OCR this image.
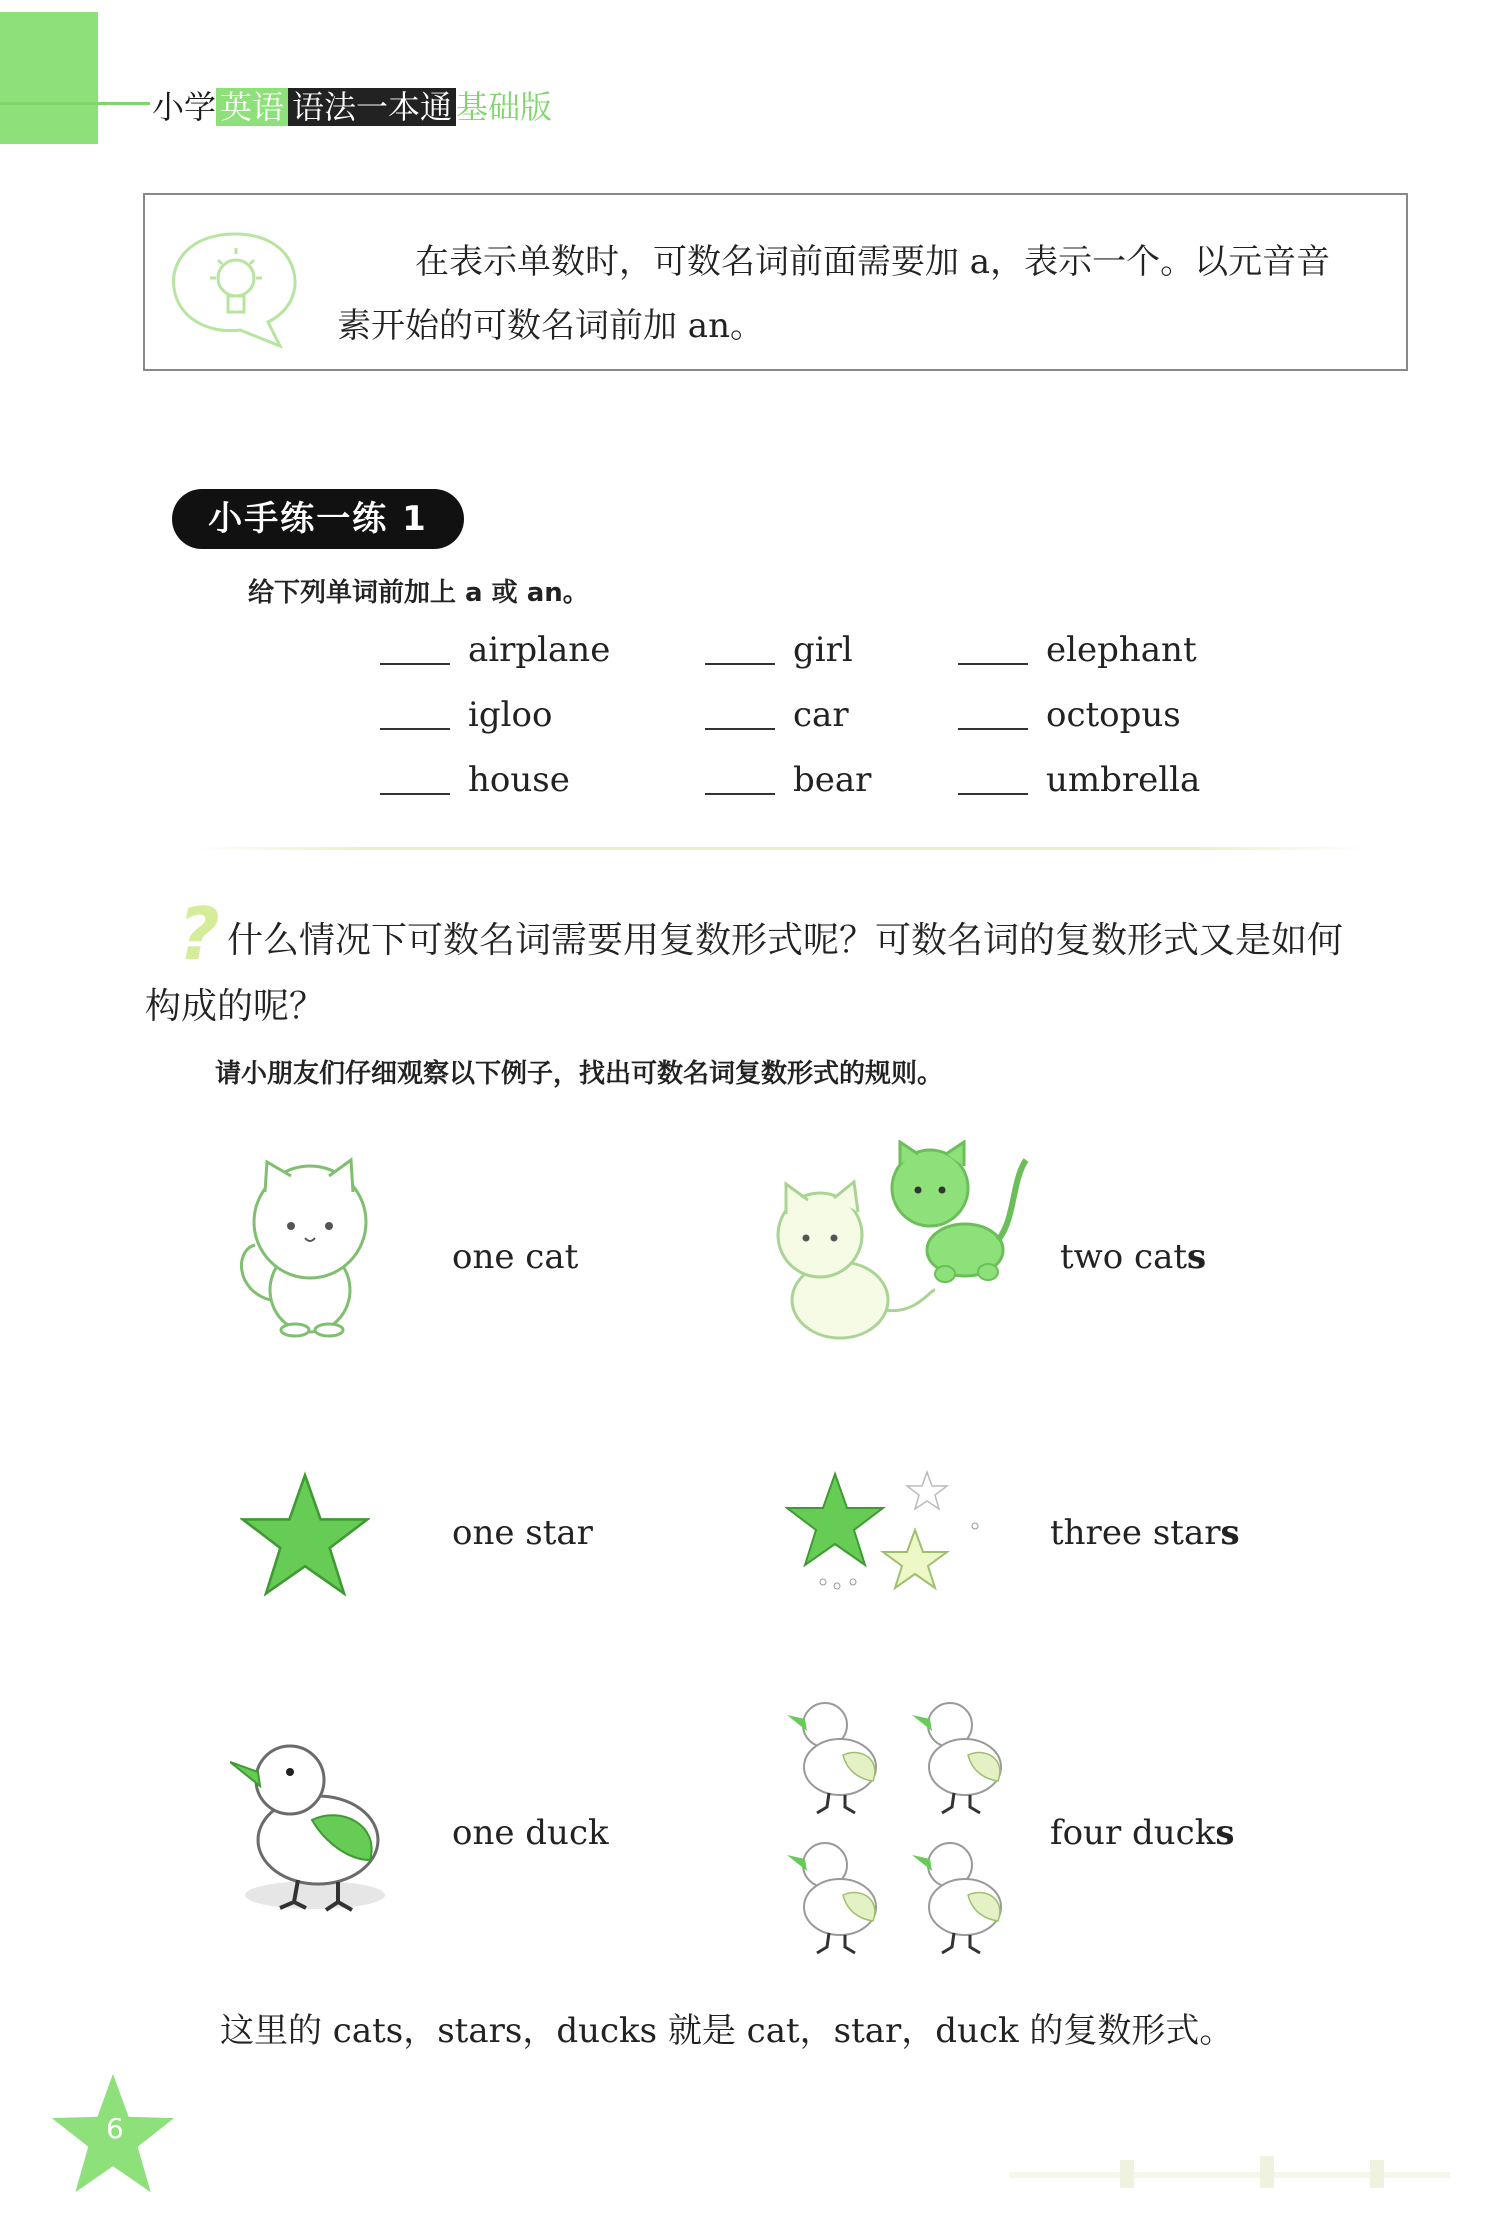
小学 英语 语法一本通 基础版
在表示单数时，可数名词前面需要加 a，表示一个。以元音音
素开始的可数名词前加 an。
小手练一练 1
给下列单词前加上 a 或 an。
airplane	girl	elephant
igloo	car	octopus
house	bear	umbrella
? 什么情况下可数名词需要用复数形式呢？可数名词的复数形式又是如何
构成的呢？
请小朋友们仔细观察以下例子，找出可数名词复数形式的规则。
one cat	two cats
one star	three stars
one duck	four ducks
这里的 cats，stars，ducks 就是 cat，star，duck 的复数形式。
6
